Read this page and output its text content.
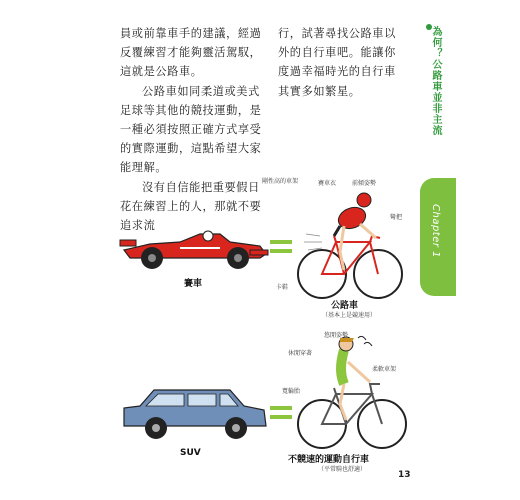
員或前靠車手的建議，經過反覆練習才能夠靈活駕馭，這就是公路車。

公路車如同柔道或美式足球等其他的競技運動，是一種必須按照正確方式享受的實際運動，這點希望大家能理解。

沒有自信能把重要假日花在練習上的人，那就不要追求流

行，試著尋找公路車以外的自行車吧。能讓你度過幸福時光的自行車其實多如繁星。	為何？公路車並非主流
Chapter 1
賽車
公路車
（基本上是競速用）
剛性高的車架	賽車衣	前傾姿勢
彎把
卡鞋
SUV
不競速的運動自行車
（平常騎也舒適）
悠閒姿勢
休閒穿著
柔軟車架
寬輪胎
13
